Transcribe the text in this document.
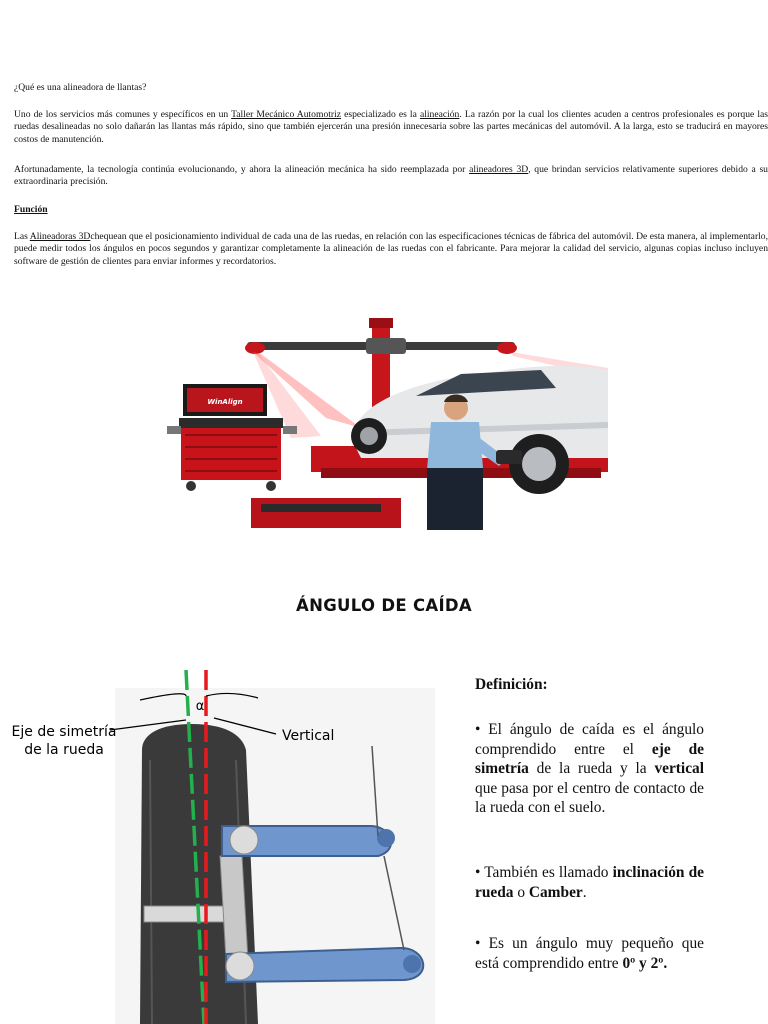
¿Qué es una alineadora de llantas?

Uno de los servicios más comunes y específicos en un Taller Mecánico Automotriz especializado es la alineación. La razón por la cual los clientes acuden a centros profesionales es porque las ruedas desalineadas no solo dañarán las llantas más rápido, sino que también ejercerán una presión innecesaria sobre las partes mecánicas del automóvil. A la larga, esto se traducirá en mayores costos de manutención.

Afortunadamente, la tecnología continúa evolucionando, y ahora la alineación mecánica ha sido reemplazada por alineadores 3D, que brindan servicios relativamente superiores debido a su extraordinaria precisión.

Función

Las Alineadoras 3Dchequean que el posicionamiento individual de cada una de las ruedas, en relación con las especificaciones técnicas de fábrica del automóvil. De esta manera, al implementarlo, puede medir todos los ángulos en pocos segundos y garantizar completamente la alineación de las ruedas con el fabricante. Para mejorar la calidad del servicio, algunas copias incluso incluyen software de gestión de clientes para enviar informes y recordatorios.

WinAlign

ÁNGULO DE CAÍDA

α
Eje de simetría
de la rueda
Vertical

Definición:

• El ángulo de caída es el ángulo comprendido entre el eje de simetría de la rueda y la vertical que pasa por el centro de contacto de la rueda con el suelo.

• También es llamado inclinación de rueda o Camber.

• Es un ángulo muy pequeño que está comprendido entre 0º y 2º.
